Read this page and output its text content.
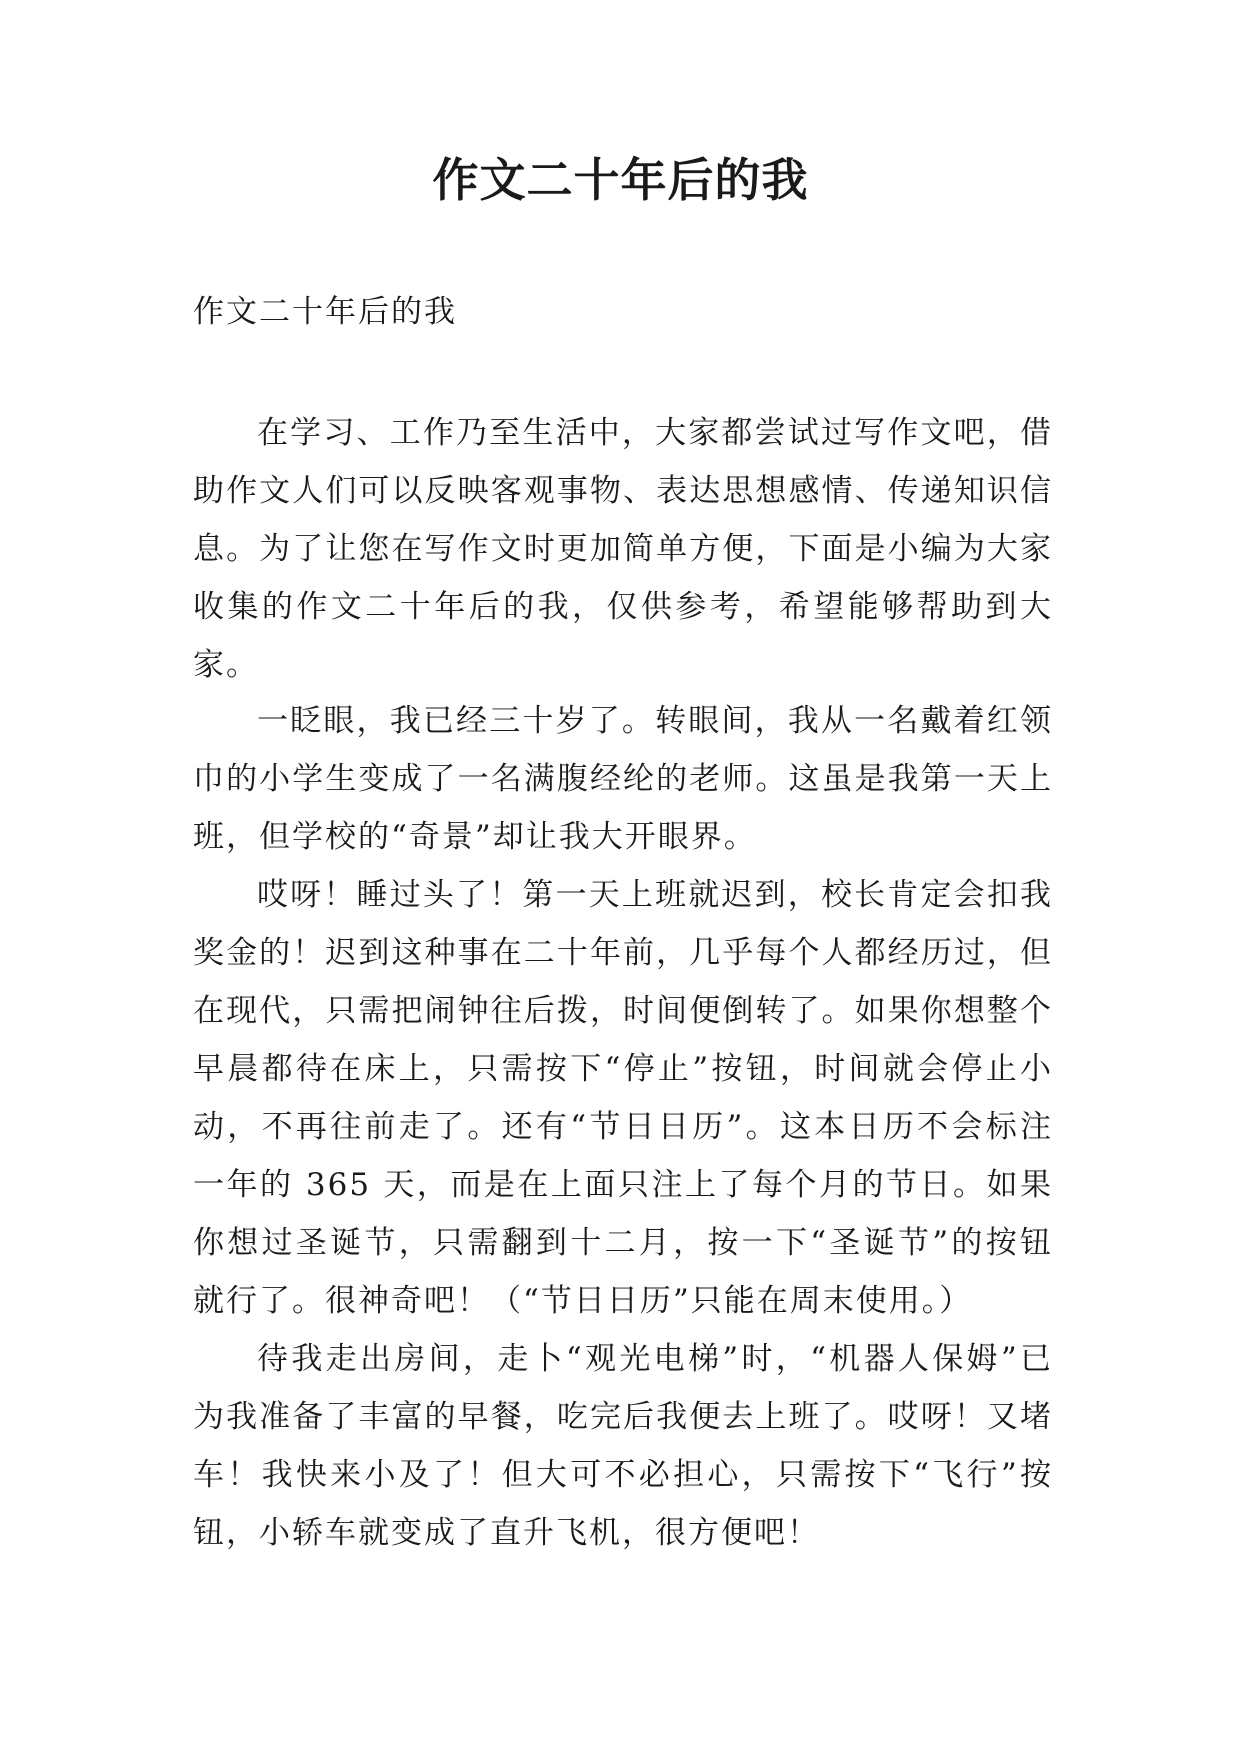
作文二十年后的我
作文二十年后的我

在学习、工作乃至生活中，大家都尝试过写作文吧，借助作文人们可以反映客观事物、表达思想感情、传递知识信息。为了让您在写作文时更加简单方便，下面是小编为大家收集的作文二十年后的我，仅供参考，希望能够帮助到大家。

一眨眼，我已经三十岁了。转眼间，我从一名戴着红领巾的小学生变成了一名满腹经纶的老师。这虽是我第一天上班，但学校的“奇景”却让我大开眼界。

哎呀！睡过头了！第一天上班就迟到，校长肯定会扣我奖金的！迟到这种事在二十年前，几乎每个人都经历过，但在现代，只需把闹钟往后拨，时间便倒转了。如果你想整个早晨都待在床上，只需按下“停止”按钮，时间就会停止小动，不再往前走了。还有“节日日历”。这本日历不会标注一年的 365 天，而是在上面只注上了每个月的节日。如果你想过圣诞节，只需翻到十二月，按一下“圣诞节”的按钮就行了。很神奇吧！（“节日日历”只能在周末使用。）

待我走出房间，走卜“观光电梯”时，“机器人保姆”已为我准备了丰富的早餐，吃完后我便去上班了。哎呀！又堵车！我快来小及了！但大可不必担心，只需按下“飞行”按钮，小轿车就变成了直升飞机，很方便吧！
